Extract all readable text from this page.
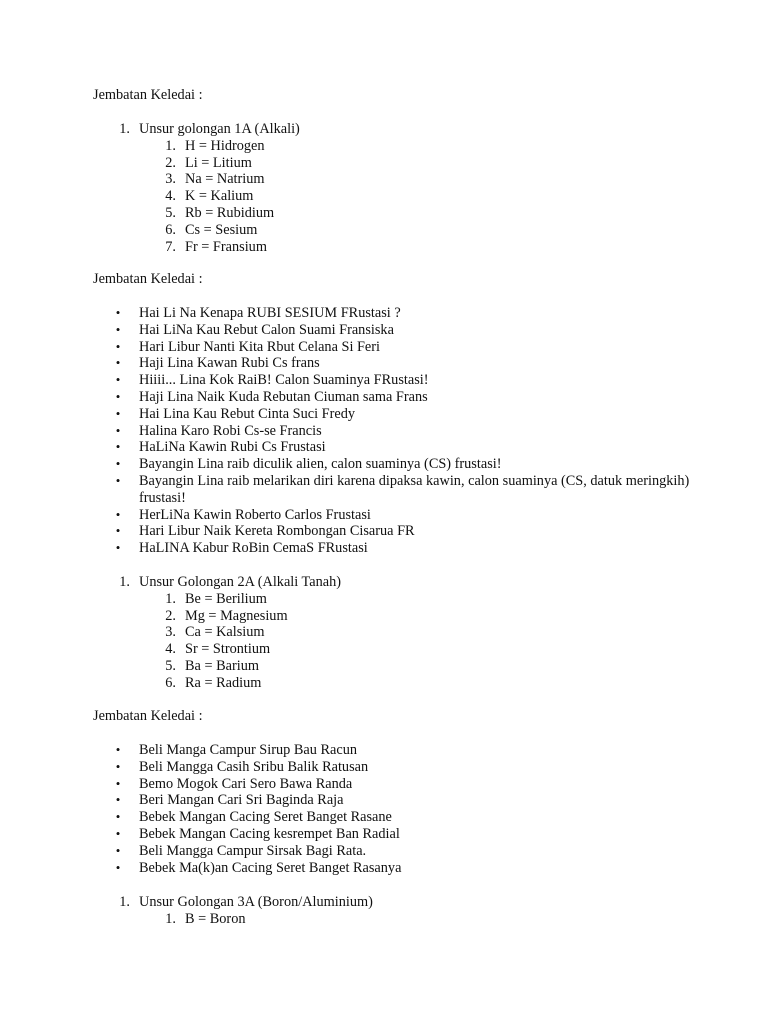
Jembatan Keledai :

1. Unsur golongan 1A (Alkali)
1. H = Hidrogen
2. Li = Litium
3. Na = Natrium
4. K = Kalium
5. Rb = Rubidium
6. Cs = Sesium
7. Fr = Fransium

Jembatan Keledai :

• Hai Li Na Kenapa RUBI SESIUM FRustasi ?
• Hai LiNa Kau Rebut Calon Suami Fransiska
• Hari Libur Nanti Kita Rbut Celana Si Feri
• Haji Lina Kawan Rubi Cs frans
• Hiiii... Lina Kok RaiB! Calon Suaminya FRustasi!
• Haji Lina Naik Kuda Rebutan Ciuman sama Frans
• Hai Lina Kau Rebut Cinta Suci Fredy
• Halina Karo Robi Cs-se Francis
• HaLiNa Kawin Rubi Cs Frustasi
• Bayangin Lina raib diculik alien, calon suaminya (CS) frustasi!
• Bayangin Lina raib melarikan diri karena dipaksa kawin, calon suaminya (CS, datuk meringkih) frustasi!
• HerLiNa Kawin Roberto Carlos Frustasi
• Hari Libur Naik Kereta Rombongan Cisarua FR
• HaLINA Kabur RoBin CemaS FRustasi
1. Unsur Golongan 2A (Alkali Tanah)
1. Be = Berilium
2. Mg = Magnesium
3. Ca = Kalsium
4. Sr = Strontium
5. Ba = Barium
6. Ra = Radium

Jembatan Keledai :

• Beli Manga Campur Sirup Bau Racun
• Beli Mangga Casih Sribu Balik Ratusan
• Bemo Mogok Cari Sero Bawa Randa
• Beri Mangan Cari Sri Baginda Raja
• Bebek Mangan Cacing Seret Banget Rasane
• Bebek Mangan Cacing kesrempet Ban Radial
• Beli Mangga Campur Sirsak Bagi Rata.
• Bebek Ma(k)an Cacing Seret Banget Rasanya
1. Unsur Golongan 3A (Boron/Aluminium)
1. B = Boron
